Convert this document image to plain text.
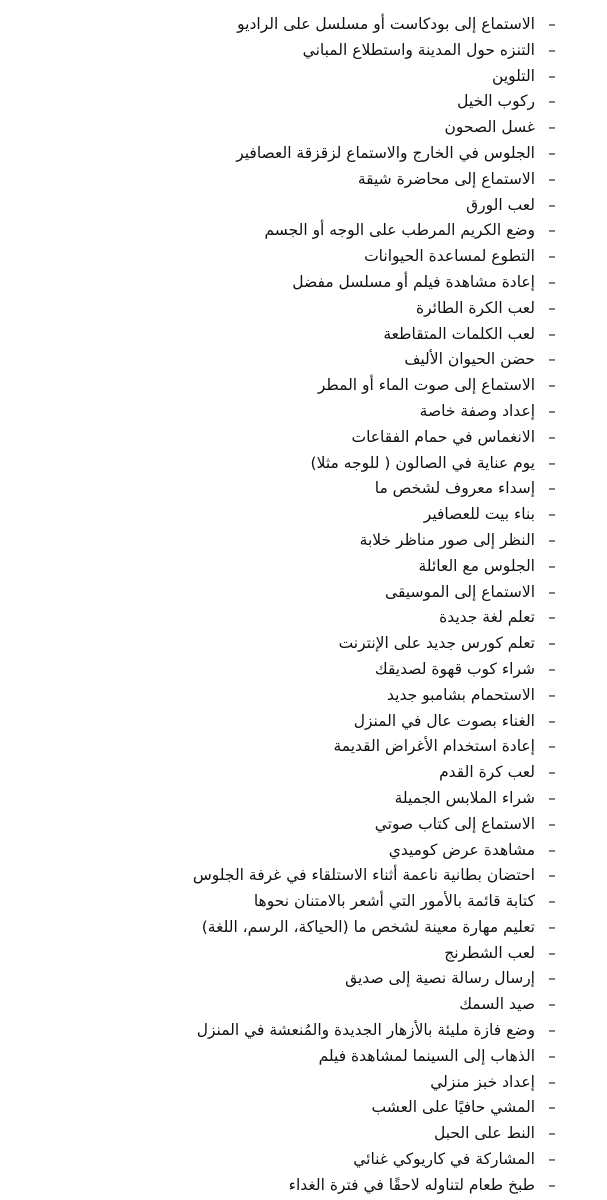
–
الاستماع إلى بودكاست أو مسلسل على الراديو
–
التنزه حول المدينة واستطلاع المباني
–
التلوين
–
ركوب الخيل
–
غسل الصحون
–
الجلوس في الخارج والاستماع لزقزقة العصافير
–
الاستماع إلى محاضرة شيقة
–
لعب الورق
–
وضع الكريم المرطب على الوجه أو الجسم
–
التطوع لمساعدة الحيوانات
–
إعادة مشاهدة فيلم أو مسلسل مفضل
–
لعب الكرة الطائرة
–
لعب الكلمات المتقاطعة
–
حضن الحيوان الأليف
–
الاستماع إلى صوت الماء أو المطر
–
إعداد وصفة خاصة
–
الانغماس في حمام الفقاعات
–
يوم عناية في الصالون ( للوجه مثلا)
–
إسداء معروف لشخص ما
–
بناء بيت للعصافير
–
النظر إلى صور مناظر خلابة
–
الجلوس مع العائلة
–
الاستماع إلى الموسيقى
–
تعلم لغة جديدة
–
تعلم كورس جديد على الإنترنت
–
شراء كوب قهوة لصديقك
–
الاستحمام بشامبو جديد
–
الغناء بصوت عال في المنزل
–
إعادة استخدام الأغراض القديمة
–
لعب كرة القدم
–
شراء الملابس الجميلة
–
الاستماع إلى كتاب صوتي
–
مشاهدة عرض كوميدي
–
احتضان بطانية ناعمة أثناء الاستلقاء في غرفة الجلوس
–
كتابة قائمة بالأمور التي أشعر بالامتنان نحوها
–
تعليم مهارة معينة لشخص ما (الحياكة، الرسم، اللغة)
–
لعب الشطرنج
–
إرسال رسالة نصية إلى صديق
–
صيد السمك
–
وضع فازة مليئة بالأزهار الجديدة والمُنعشة في المنزل
–
الذهاب إلى السينما لمشاهدة فيلم
–
إعداد خبز منزلي
–
المشي حافيًا على العشب
–
النط على الحبل
–
المشاركة في كاريوكي غنائي
–
طبخ طعام لتناوله لاحقًا في فترة الغداء
